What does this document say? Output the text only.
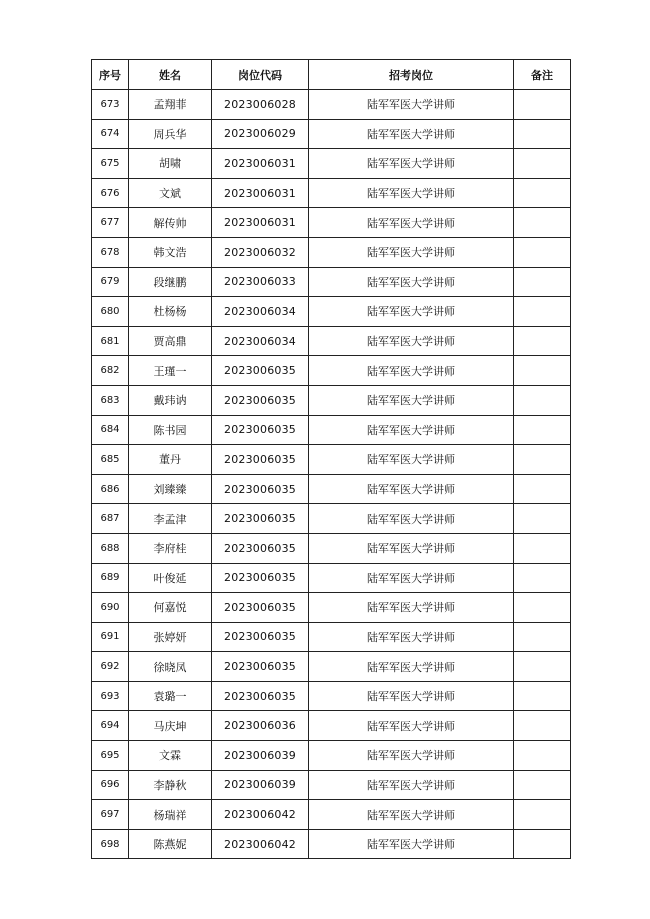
序号	姓名	岗位代码	招考岗位	备注
673	孟翔菲	2023006028	陆军军医大学讲师	
674	周兵华	2023006029	陆军军医大学讲师	
675	胡啸	2023006031	陆军军医大学讲师	
676	文斌	2023006031	陆军军医大学讲师	
677	解传帅	2023006031	陆军军医大学讲师	
678	韩文浩	2023006032	陆军军医大学讲师	
679	段继鹏	2023006033	陆军军医大学讲师	
680	杜杨杨	2023006034	陆军军医大学讲师	
681	贾高鼎	2023006034	陆军军医大学讲师	
682	王瑾一	2023006035	陆军军医大学讲师	
683	戴玮讷	2023006035	陆军军医大学讲师	
684	陈书园	2023006035	陆军军医大学讲师	
685	董丹	2023006035	陆军军医大学讲师	
686	刘臻臻	2023006035	陆军军医大学讲师	
687	李孟津	2023006035	陆军军医大学讲师	
688	李府桂	2023006035	陆军军医大学讲师	
689	叶俊延	2023006035	陆军军医大学讲师	
690	何嘉悦	2023006035	陆军军医大学讲师	
691	张婷妍	2023006035	陆军军医大学讲师	
692	徐晓凤	2023006035	陆军军医大学讲师	
693	袁璐一	2023006035	陆军军医大学讲师	
694	马庆坤	2023006036	陆军军医大学讲师	
695	文霖	2023006039	陆军军医大学讲师	
696	李静秋	2023006039	陆军军医大学讲师	
697	杨瑞祥	2023006042	陆军军医大学讲师	
698	陈燕妮	2023006042	陆军军医大学讲师	
